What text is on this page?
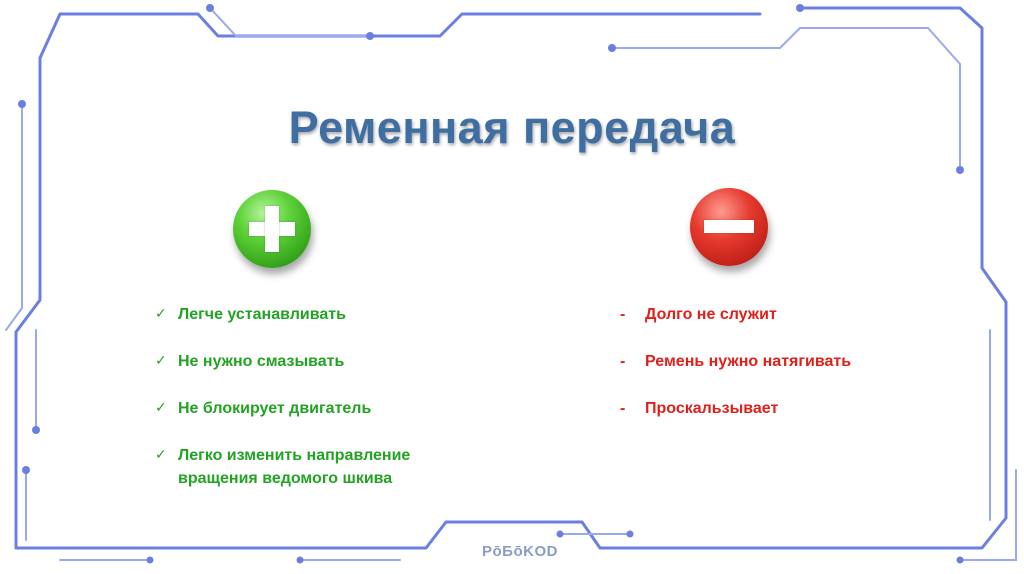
Ременная передача
✓ Легче устанавливать
✓ Не нужно смазывать
✓ Не блокирует двигатель
✓ Легко изменить направление вращения ведомого шкива
- Долго не служит
- Ремень нужно натягивать
- Проскальзывает
РōБōKOD
